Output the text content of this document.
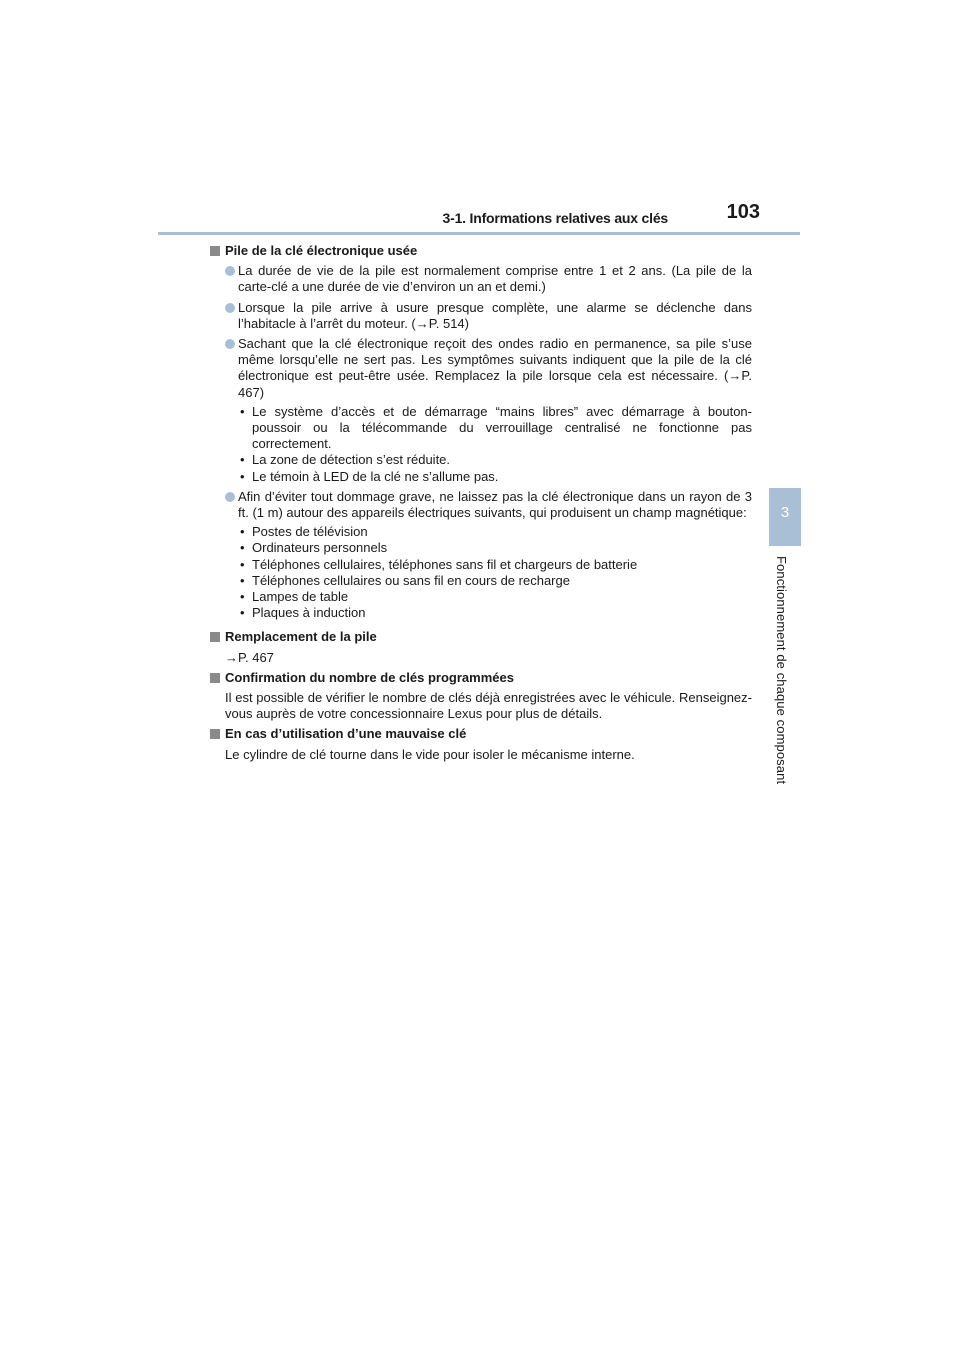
3-1. Informations relatives aux clés	103
3
Fonctionnement de chaque composant
Pile de la clé électronique usée
La durée de vie de la pile est normalement comprise entre 1 et 2 ans. (La pile de la carte-clé a une durée de vie d’environ un an et demi.)
Lorsque la pile arrive à usure presque complète, une alarme se déclenche dans l’habitacle à l’arrêt du moteur. (→P. 514)
Sachant que la clé électronique reçoit des ondes radio en permanence, sa pile s’use même lorsqu’elle ne sert pas. Les symptômes suivants indiquent que la pile de la clé électronique est peut-être usée. Remplacez la pile lorsque cela est nécessaire. (→P. 467)
• Le système d’accès et de démarrage “mains libres” avec démarrage à bouton-poussoir ou la télécommande du verrouillage centralisé ne fonctionne pas correctement.
• La zone de détection s’est réduite.
• Le témoin à LED de la clé ne s’allume pas.
Afin d’éviter tout dommage grave, ne laissez pas la clé électronique dans un rayon de 3 ft. (1 m) autour des appareils électriques suivants, qui produisent un champ magnétique:
• Postes de télévision
• Ordinateurs personnels
• Téléphones cellulaires, téléphones sans fil et chargeurs de batterie
• Téléphones cellulaires ou sans fil en cours de recharge
• Lampes de table
• Plaques à induction
Remplacement de la pile
→P. 467
Confirmation du nombre de clés programmées
Il est possible de vérifier le nombre de clés déjà enregistrées avec le véhicule. Renseignez-vous auprès de votre concessionnaire Lexus pour plus de détails.
En cas d’utilisation d’une mauvaise clé
Le cylindre de clé tourne dans le vide pour isoler le mécanisme interne.
